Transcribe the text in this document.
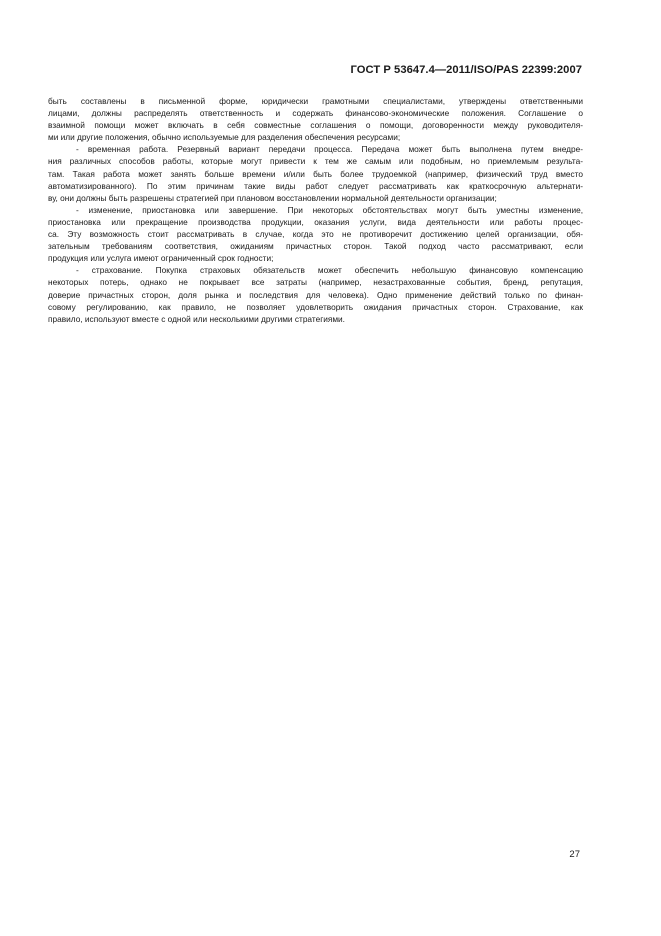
ГОСТ Р 53647.4—2011/ISO/PAS 22399:2007
быть составлены в письменной форме, юридически грамотными специалистами, утверждены ответственными
лицами, должны распределять ответственность и содержать финансово-экономические положения. Соглашение о
взаимной помощи может включать в себя совместные соглашения о помощи, договоренности между руководителя-
ми или другие положения, обычно используемые для разделения обеспечения ресурсами;
- временная работа. Резервный вариант передачи процесса. Передача может быть выполнена путем внедре-
ния различных способов работы, которые могут привести к тем же самым или подобным, но приемлемым результа-
там. Такая работа может занять больше времени и/или быть более трудоемкой (например, физический труд вместо
автоматизированного). По этим причинам такие виды работ следует рассматривать как краткосрочную альтернати-
ву, они должны быть разрешены стратегией при плановом восстановлении нормальной деятельности организации;
- изменение, приостановка или завершение. При некоторых обстоятельствах могут быть уместны изменение,
приостановка или прекращение производства продукции, оказания услуги, вида деятельности или работы процес-
са. Эту возможность стоит рассматривать в случае, когда это не противоречит достижению целей организации, обя-
зательным требованиям соответствия, ожиданиям причастных сторон. Такой подход часто рассматривают, если
продукция или услуга имеют ограниченный срок годности;
- страхование. Покупка страховых обязательств может обеспечить небольшую финансовую компенсацию
некоторых потерь, однако не покрывает все затраты (например, незастрахованные события, бренд, репутация,
доверие причастных сторон, доля рынка и последствия для человека). Одно применение действий только по финан-
совому регулированию, как правило, не позволяет удовлетворить ожидания причастных сторон. Страхование, как
правило, используют вместе с одной или несколькими другими стратегиями.
27
